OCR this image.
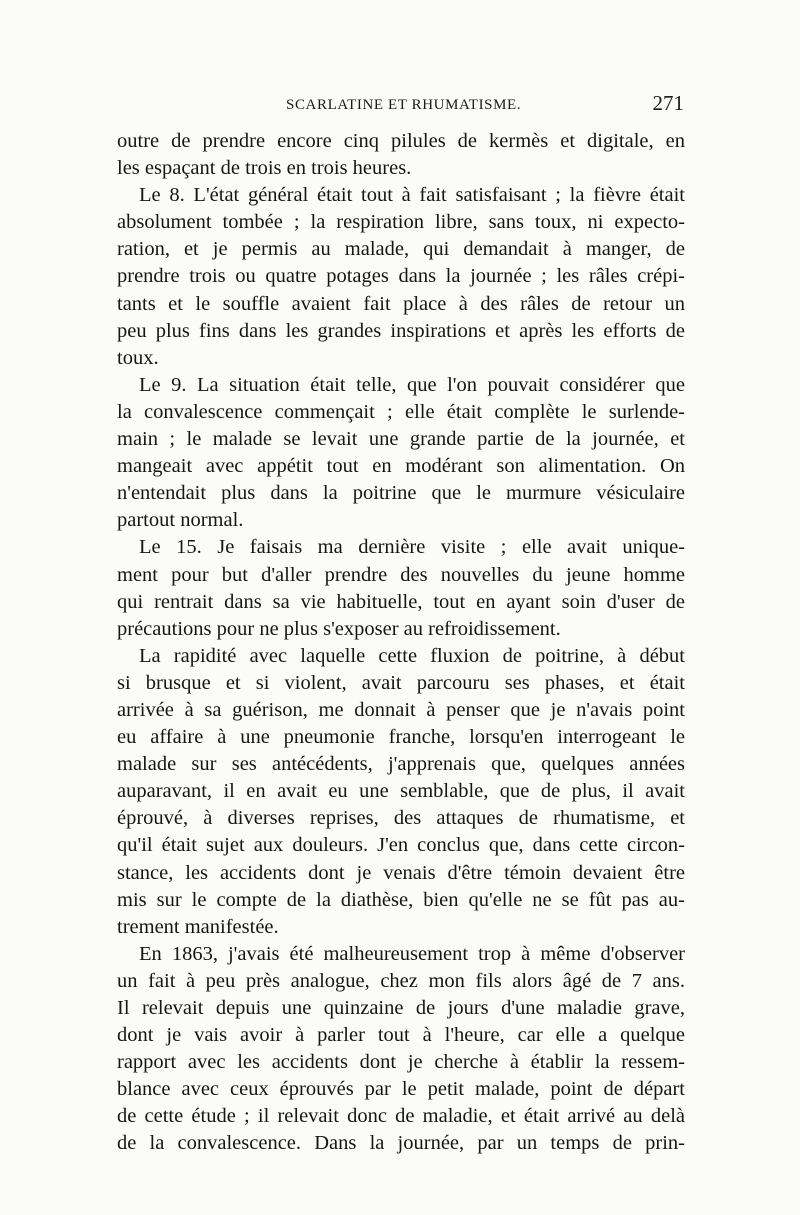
SCARLATINE ET RHUMATISME.	271
outre de prendre encore cinq pilules de kermès et digitale, en
les espaçant de trois en trois heures.
Le 8. L'état général était tout à fait satisfaisant ; la fièvre était
absolument tombée ; la respiration libre, sans toux, ni expecto-
ration, et je permis au malade, qui demandait à manger, de
prendre trois ou quatre potages dans la journée ; les râles crépi-
tants et le souffle avaient fait place à des râles de retour un
peu plus fins dans les grandes inspirations et après les efforts de
toux.
Le 9. La situation était telle, que l'on pouvait considérer que
la convalescence commençait ; elle était complète le surlende-
main ; le malade se levait une grande partie de la journée, et
mangeait avec appétit tout en modérant son alimentation. On
n'entendait plus dans la poitrine que le murmure vésiculaire
partout normal.
Le 15. Je faisais ma dernière visite ; elle avait unique-
ment pour but d'aller prendre des nouvelles du jeune homme
qui rentrait dans sa vie habituelle, tout en ayant soin d'user de
précautions pour ne plus s'exposer au refroidissement.
La rapidité avec laquelle cette fluxion de poitrine, à début
si brusque et si violent, avait parcouru ses phases, et était
arrivée à sa guérison, me donnait à penser que je n'avais point
eu affaire à une pneumonie franche, lorsqu'en interrogeant le
malade sur ses antécédents, j'apprenais que, quelques années
auparavant, il en avait eu une semblable, que de plus, il avait
éprouvé, à diverses reprises, des attaques de rhumatisme, et
qu'il était sujet aux douleurs. J'en conclus que, dans cette circon-
stance, les accidents dont je venais d'être témoin devaient être
mis sur le compte de la diathèse, bien qu'elle ne se fût pas au-
trement manifestée.
En 1863, j'avais été malheureusement trop à même d'observer
un fait à peu près analogue, chez mon fils alors âgé de 7 ans.
Il relevait depuis une quinzaine de jours d'une maladie grave,
dont je vais avoir à parler tout à l'heure, car elle a quelque
rapport avec les accidents dont je cherche à établir la ressem-
blance avec ceux éprouvés par le petit malade, point de départ
de cette étude ; il relevait donc de maladie, et était arrivé au delà
de la convalescence. Dans la journée, par un temps de prin-
